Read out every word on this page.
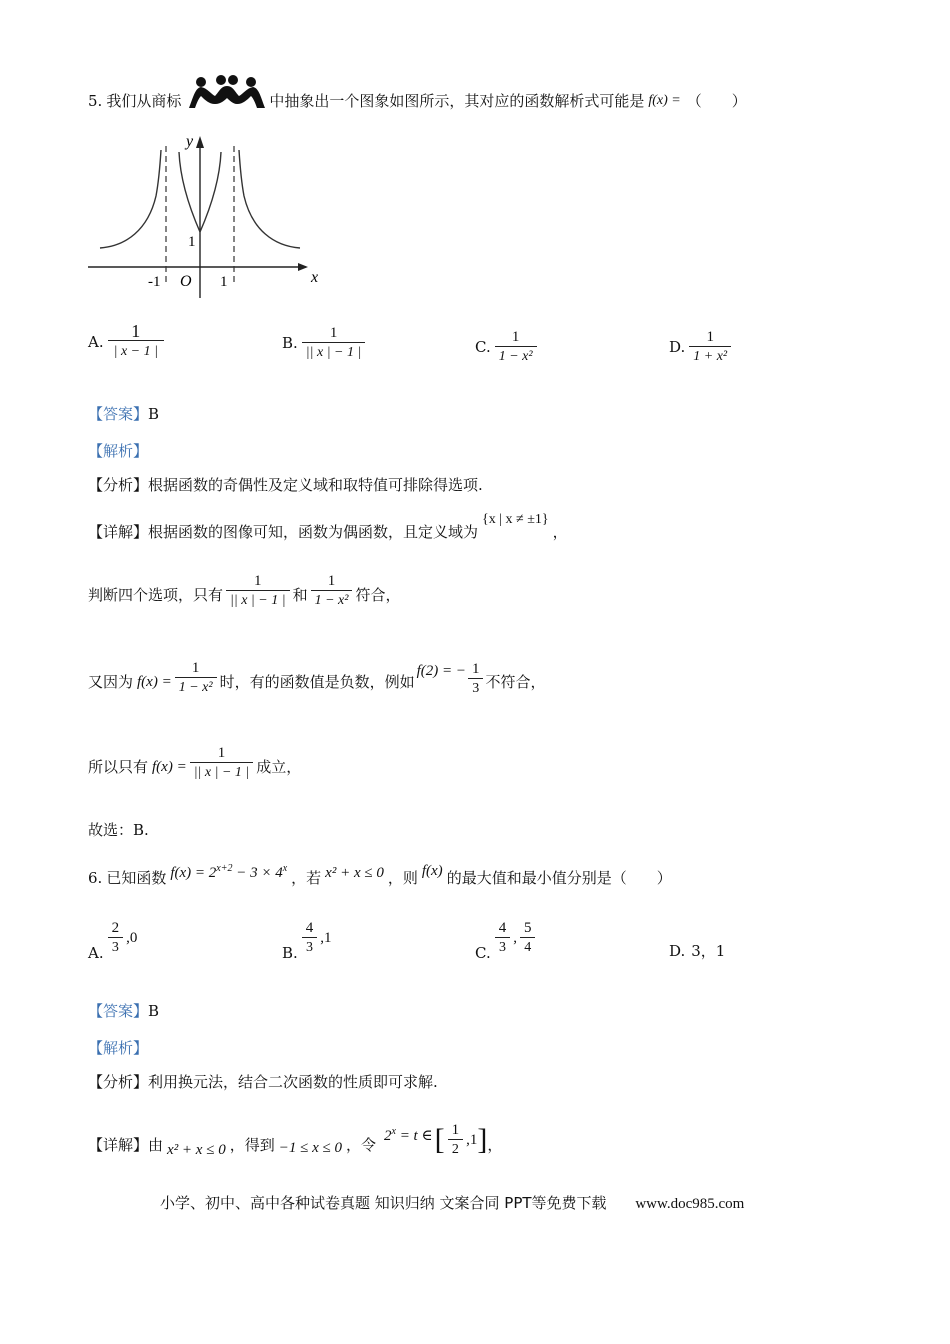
5. 我们从商标	中抽象出一个图象如图所示，其对应的函数解析式可能是 f(x) = （　　）
y
x
O
-1	1
1
A. $\frac{1}{| x - 1 |}$	B. $\frac{1}{|| x | - 1 |}$	C. $\frac{1}{\text{1 − x²}}$	D. $\frac{1}{\text{1 + x²}}$
【答案】 B
【解析】
【分析】 根据函数的奇偶性及定义域和取特值可排除得选项.
【详解】 根据函数的图像可知，函数为偶函数，且定义域为
{x | x ≠ ±1}
，
判断四个选项，只有 $\frac{1}{|| x | - 1 |}$ 和 $\frac{1}{\text{1 − x²}}$ 符合，
又因为 $f(x) = \frac{1}{\text{1 − x²}}$ 时，有的函数值是负数，例如
f(2) = − $\frac{1}{3}$ 不符合，
所以只有 $f(x) = \frac{1}{|| x | - 1 |}$ 成立，
故选：B.
6. 已知函数 $f(x) = 2^{x+2} - 3 \times 4^x$
，若 x² + x ≤ 0 ，则 f(x) 的最大值和最小值分别是（　　）
A. $\frac{2}{3} ,0$
B. $\frac{4}{3} ,1$
C. $\frac{4}{3}$ , $\frac{5}{4}$	D. 3，1
【答案】 B
【解析】
【分析】 利用换元法，结合二次函数的性质即可求解.
【详解】 由 x² + x ≤ 0 ，得到 −1 ≤ x ≤ 0 ，令 $2^x = t$ ∈ [ $\frac{1}{2} ,1$ ] ，
小学、初中、高中各种试卷真题 知识归纳 文案合同 PPT等免费下载 www.doc985.com
